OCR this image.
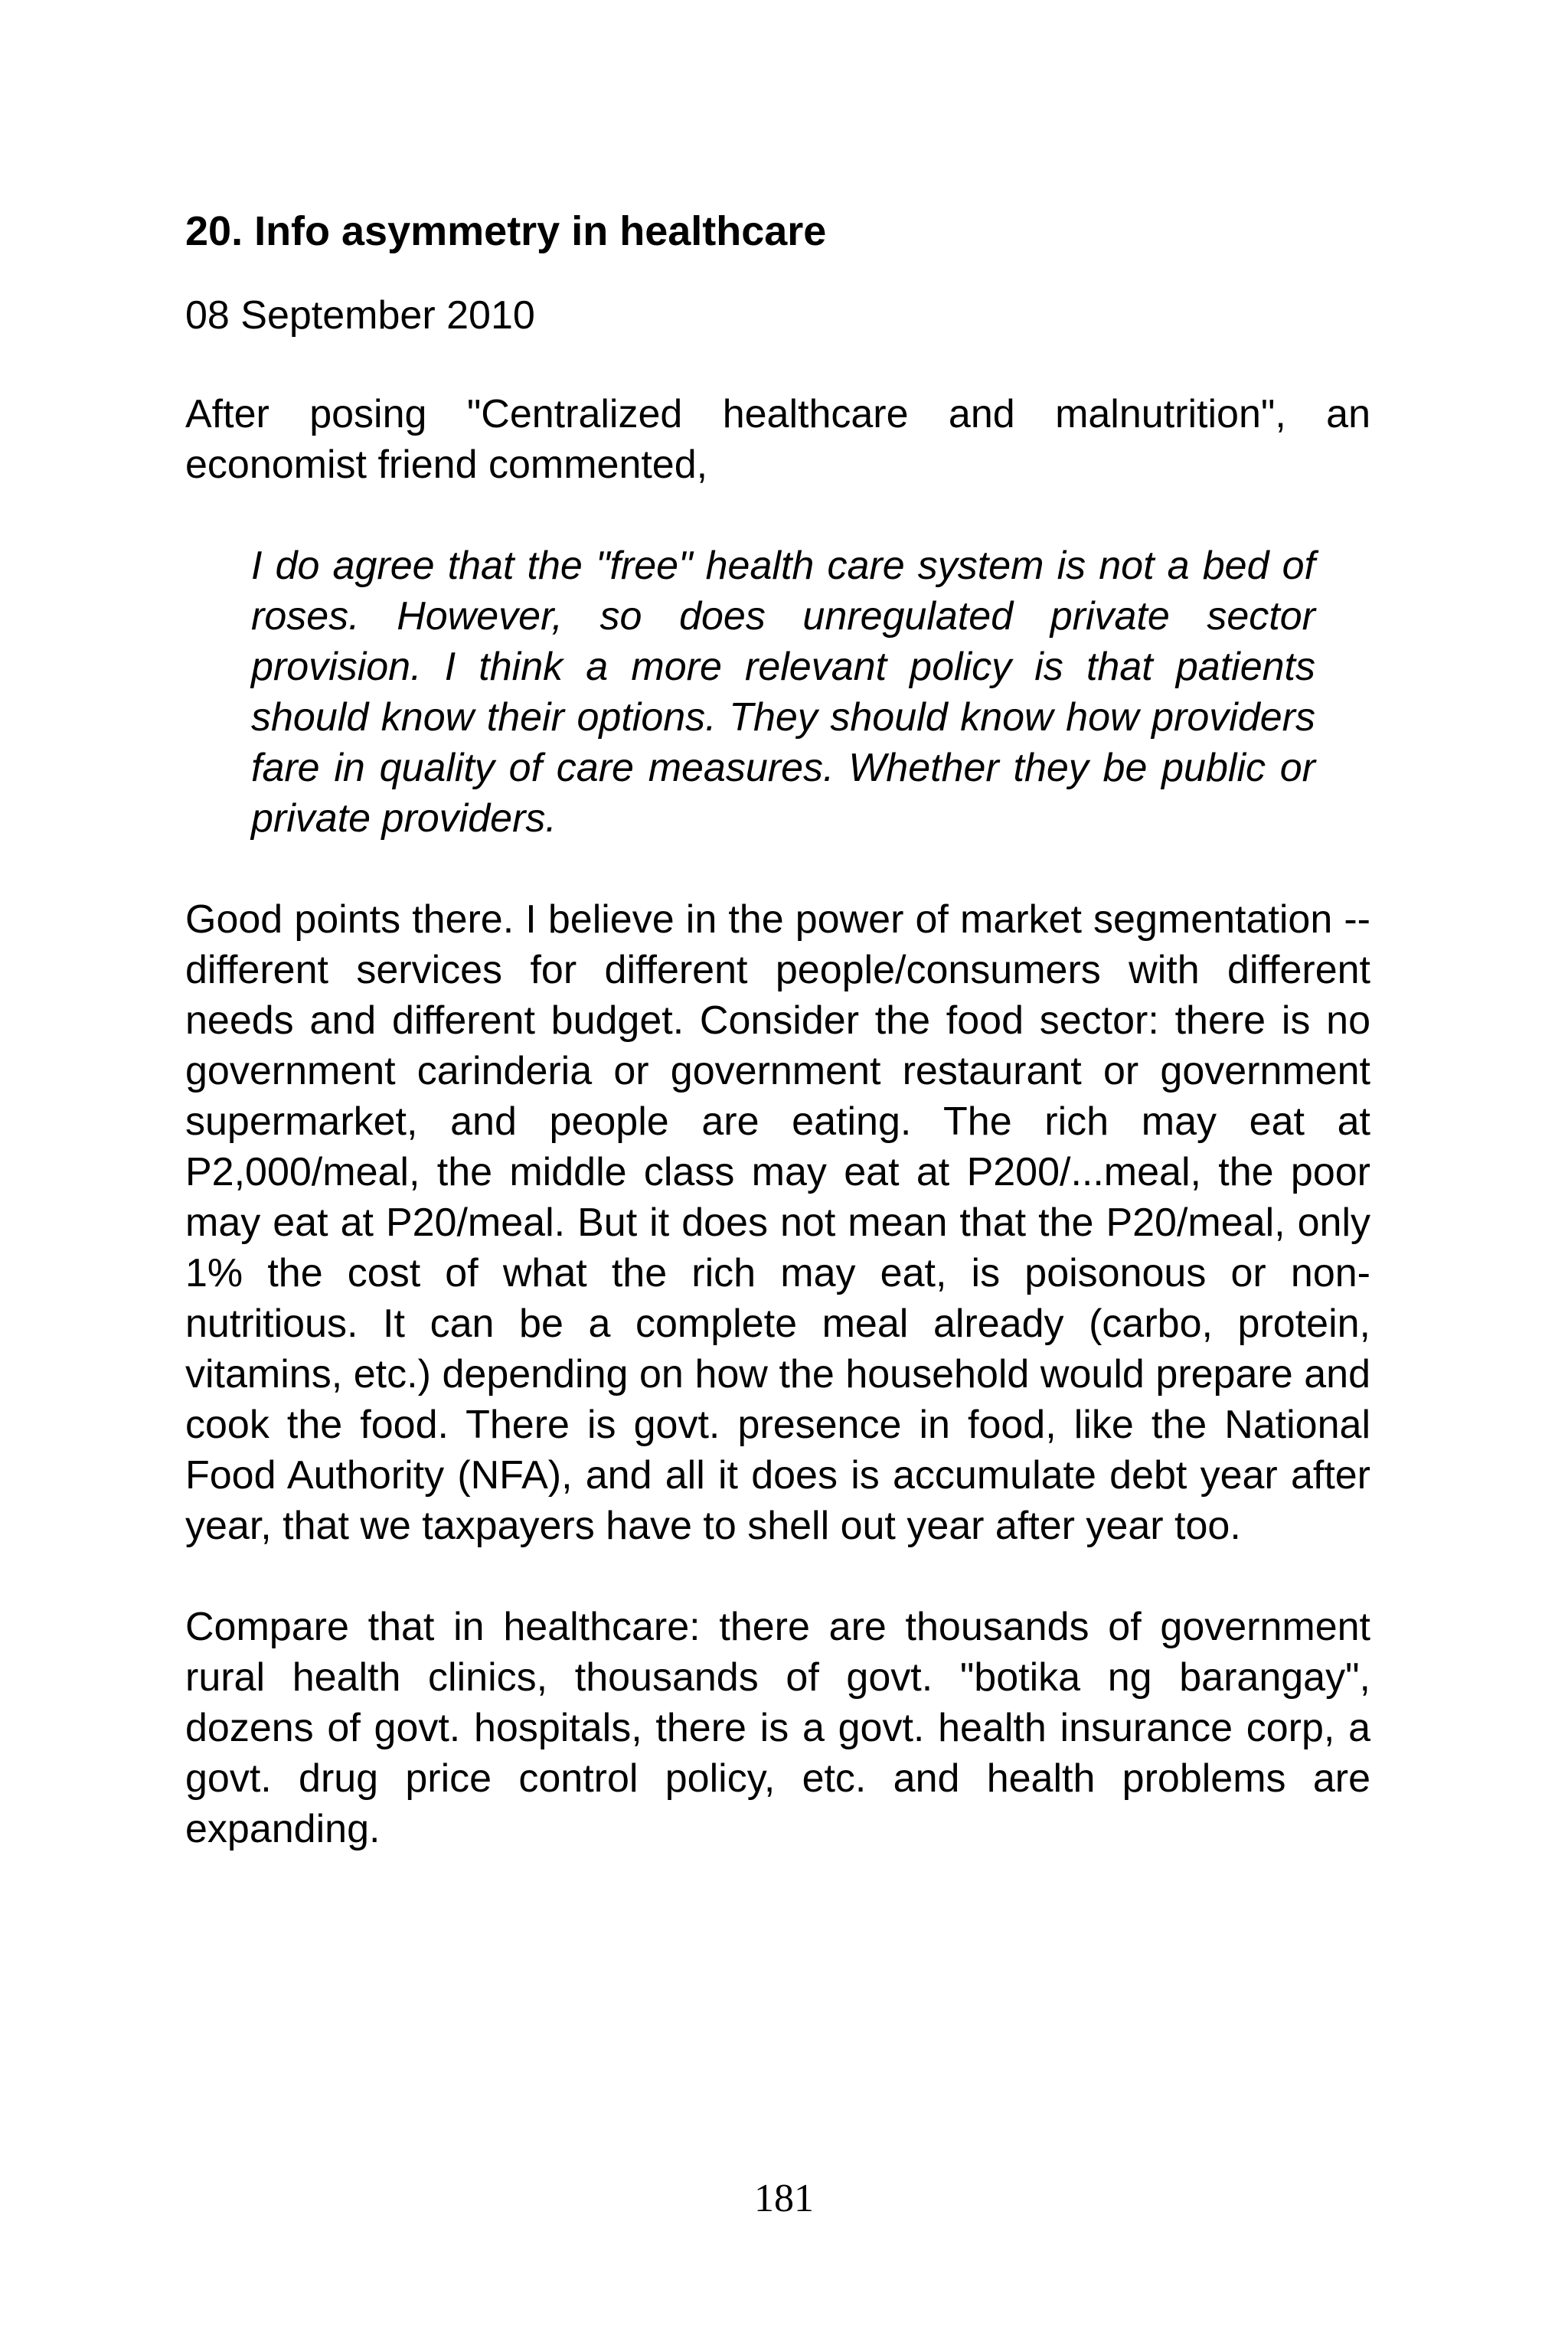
20. Info asymmetry in healthcare

08 September 2010

After posing "Centralized healthcare and malnutrition", an economist friend commented,

I do agree that the "free" health care system is not a bed of roses. However, so does unregulated private sector provision. I think a more relevant policy is that patients should know their options. They should know how providers fare in quality of care measures. Whether they be public or private providers.

Good points there. I believe in the power of market segmentation -- different services for different people/consumers with different needs and different budget. Consider the food sector: there is no government carinderia or government restaurant or government supermarket, and people are eating. The rich may eat at P2,000/meal, the middle class may eat at P200/...meal, the poor may eat at P20/meal. But it does not mean that the P20/meal, only 1% the cost of what the rich may eat, is poisonous or non-nutritious. It can be a complete meal already (carbo, protein, vitamins, etc.) depending on how the household would prepare and cook the food. There is govt. presence in food, like the National Food Authority (NFA), and all it does is accumulate debt year after year, that we taxpayers have to shell out year after year too.

Compare that in healthcare: there are thousands of government rural health clinics, thousands of govt. "botika ng barangay", dozens of govt. hospitals, there is a govt. health insurance corp, a govt. drug price control policy, etc. and health problems are expanding.

181
